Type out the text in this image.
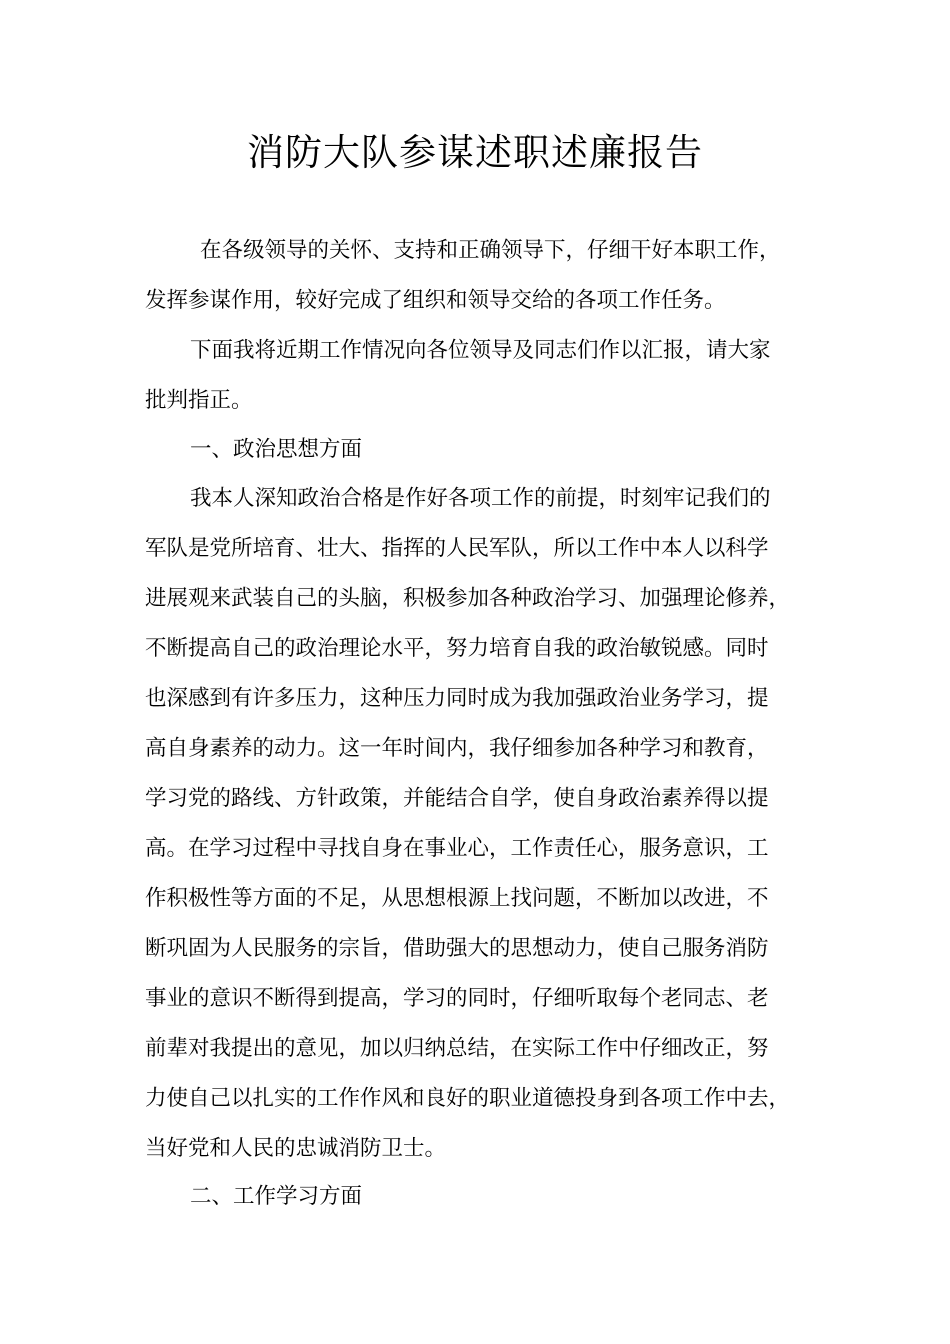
消防大队参谋述职述廉报告

在各级领导的关怀、支持和正确领导下，仔细干好本职工作，

发挥参谋作用，较好完成了组织和领导交给的各项工作任务。

下面我将近期工作情况向各位领导及同志们作以汇报，请大家

批判指正。

一、政治思想方面

我本人深知政治合格是作好各项工作的前提，时刻牢记我们的

军队是党所培育、壮大、指挥的人民军队，所以工作中本人以科学

进展观来武装自己的头脑，积极参加各种政治学习、加强理论修养，

不断提高自己的政治理论水平，努力培育自我的政治敏锐感。同时

也深感到有许多压力，这种压力同时成为我加强政治业务学习，提

高自身素养的动力。这一年时间内，我仔细参加各种学习和教育，

学习党的路线、方针政策，并能结合自学，使自身政治素养得以提

高。在学习过程中寻找自身在事业心，工作责任心，服务意识，工

作积极性等方面的不足，从思想根源上找问题，不断加以改进，不

断巩固为人民服务的宗旨，借助强大的思想动力，使自己服务消防

事业的意识不断得到提高，学习的同时，仔细听取每个老同志、老

前辈对我提出的意见，加以归纳总结，在实际工作中仔细改正，努

力使自己以扎实的工作作风和良好的职业道德投身到各项工作中去，

当好党和人民的忠诚消防卫士。

二、工作学习方面
